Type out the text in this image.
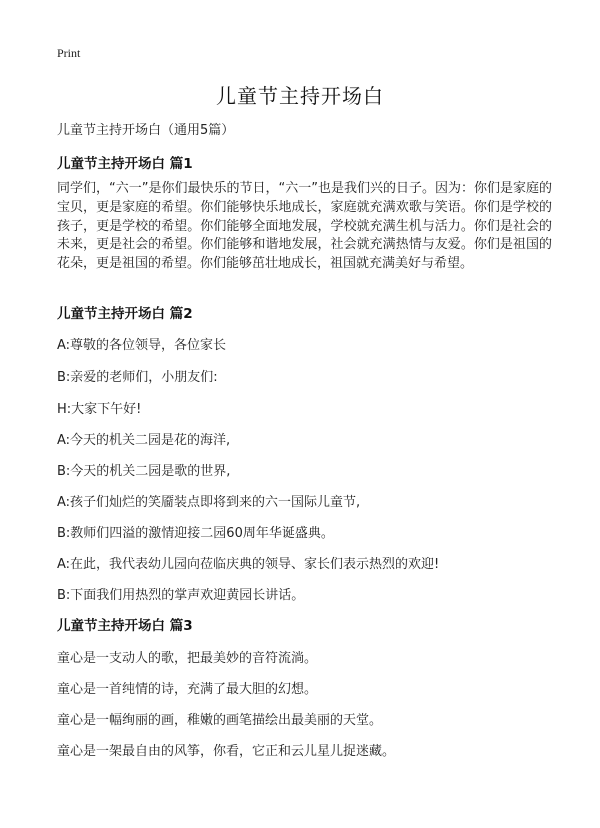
Print
儿童节主持开场白
儿童节主持开场白（通用5篇）
儿童节主持开场白 篇1
同学们，“六一”是你们最快乐的节日，“六一”也是我们兴的日子。因为：你们是家庭的宝贝，更是家庭的希望。你们能够快乐地成长，家庭就充满欢歌与笑语。你们是学校的孩子，更是学校的希望。你们能够全面地发展，学校就充满生机与活力。你们是社会的未来，更是社会的希望。你们能够和谐地发展，社会就充满热情与友爱。你们是祖国的花朵，更是祖国的希望。你们能够茁壮地成长，祖国就充满美好与希望。
儿童节主持开场白 篇2
A:尊敬的各位领导，各位家长
B:亲爱的老师们，小朋友们:
H:大家下午好!
A:今天的机关二园是花的海洋,
B:今天的机关二园是歌的世界,
A:孩子们灿烂的笑靥装点即将到来的六一国际儿童节,
B:教师们四溢的激情迎接二园60周年华诞盛典。
A:在此，我代表幼儿园向莅临庆典的领导、家长们表示热烈的欢迎!
B:下面我们用热烈的掌声欢迎黄园长讲话。
儿童节主持开场白 篇3
童心是一支动人的歌，把最美妙的音符流淌。
童心是一首纯情的诗，充满了最大胆的幻想。
童心是一幅绚丽的画，稚嫩的画笔描绘出最美丽的天堂。
童心是一架最自由的风筝，你看，它正和云儿星儿捉迷藏。
